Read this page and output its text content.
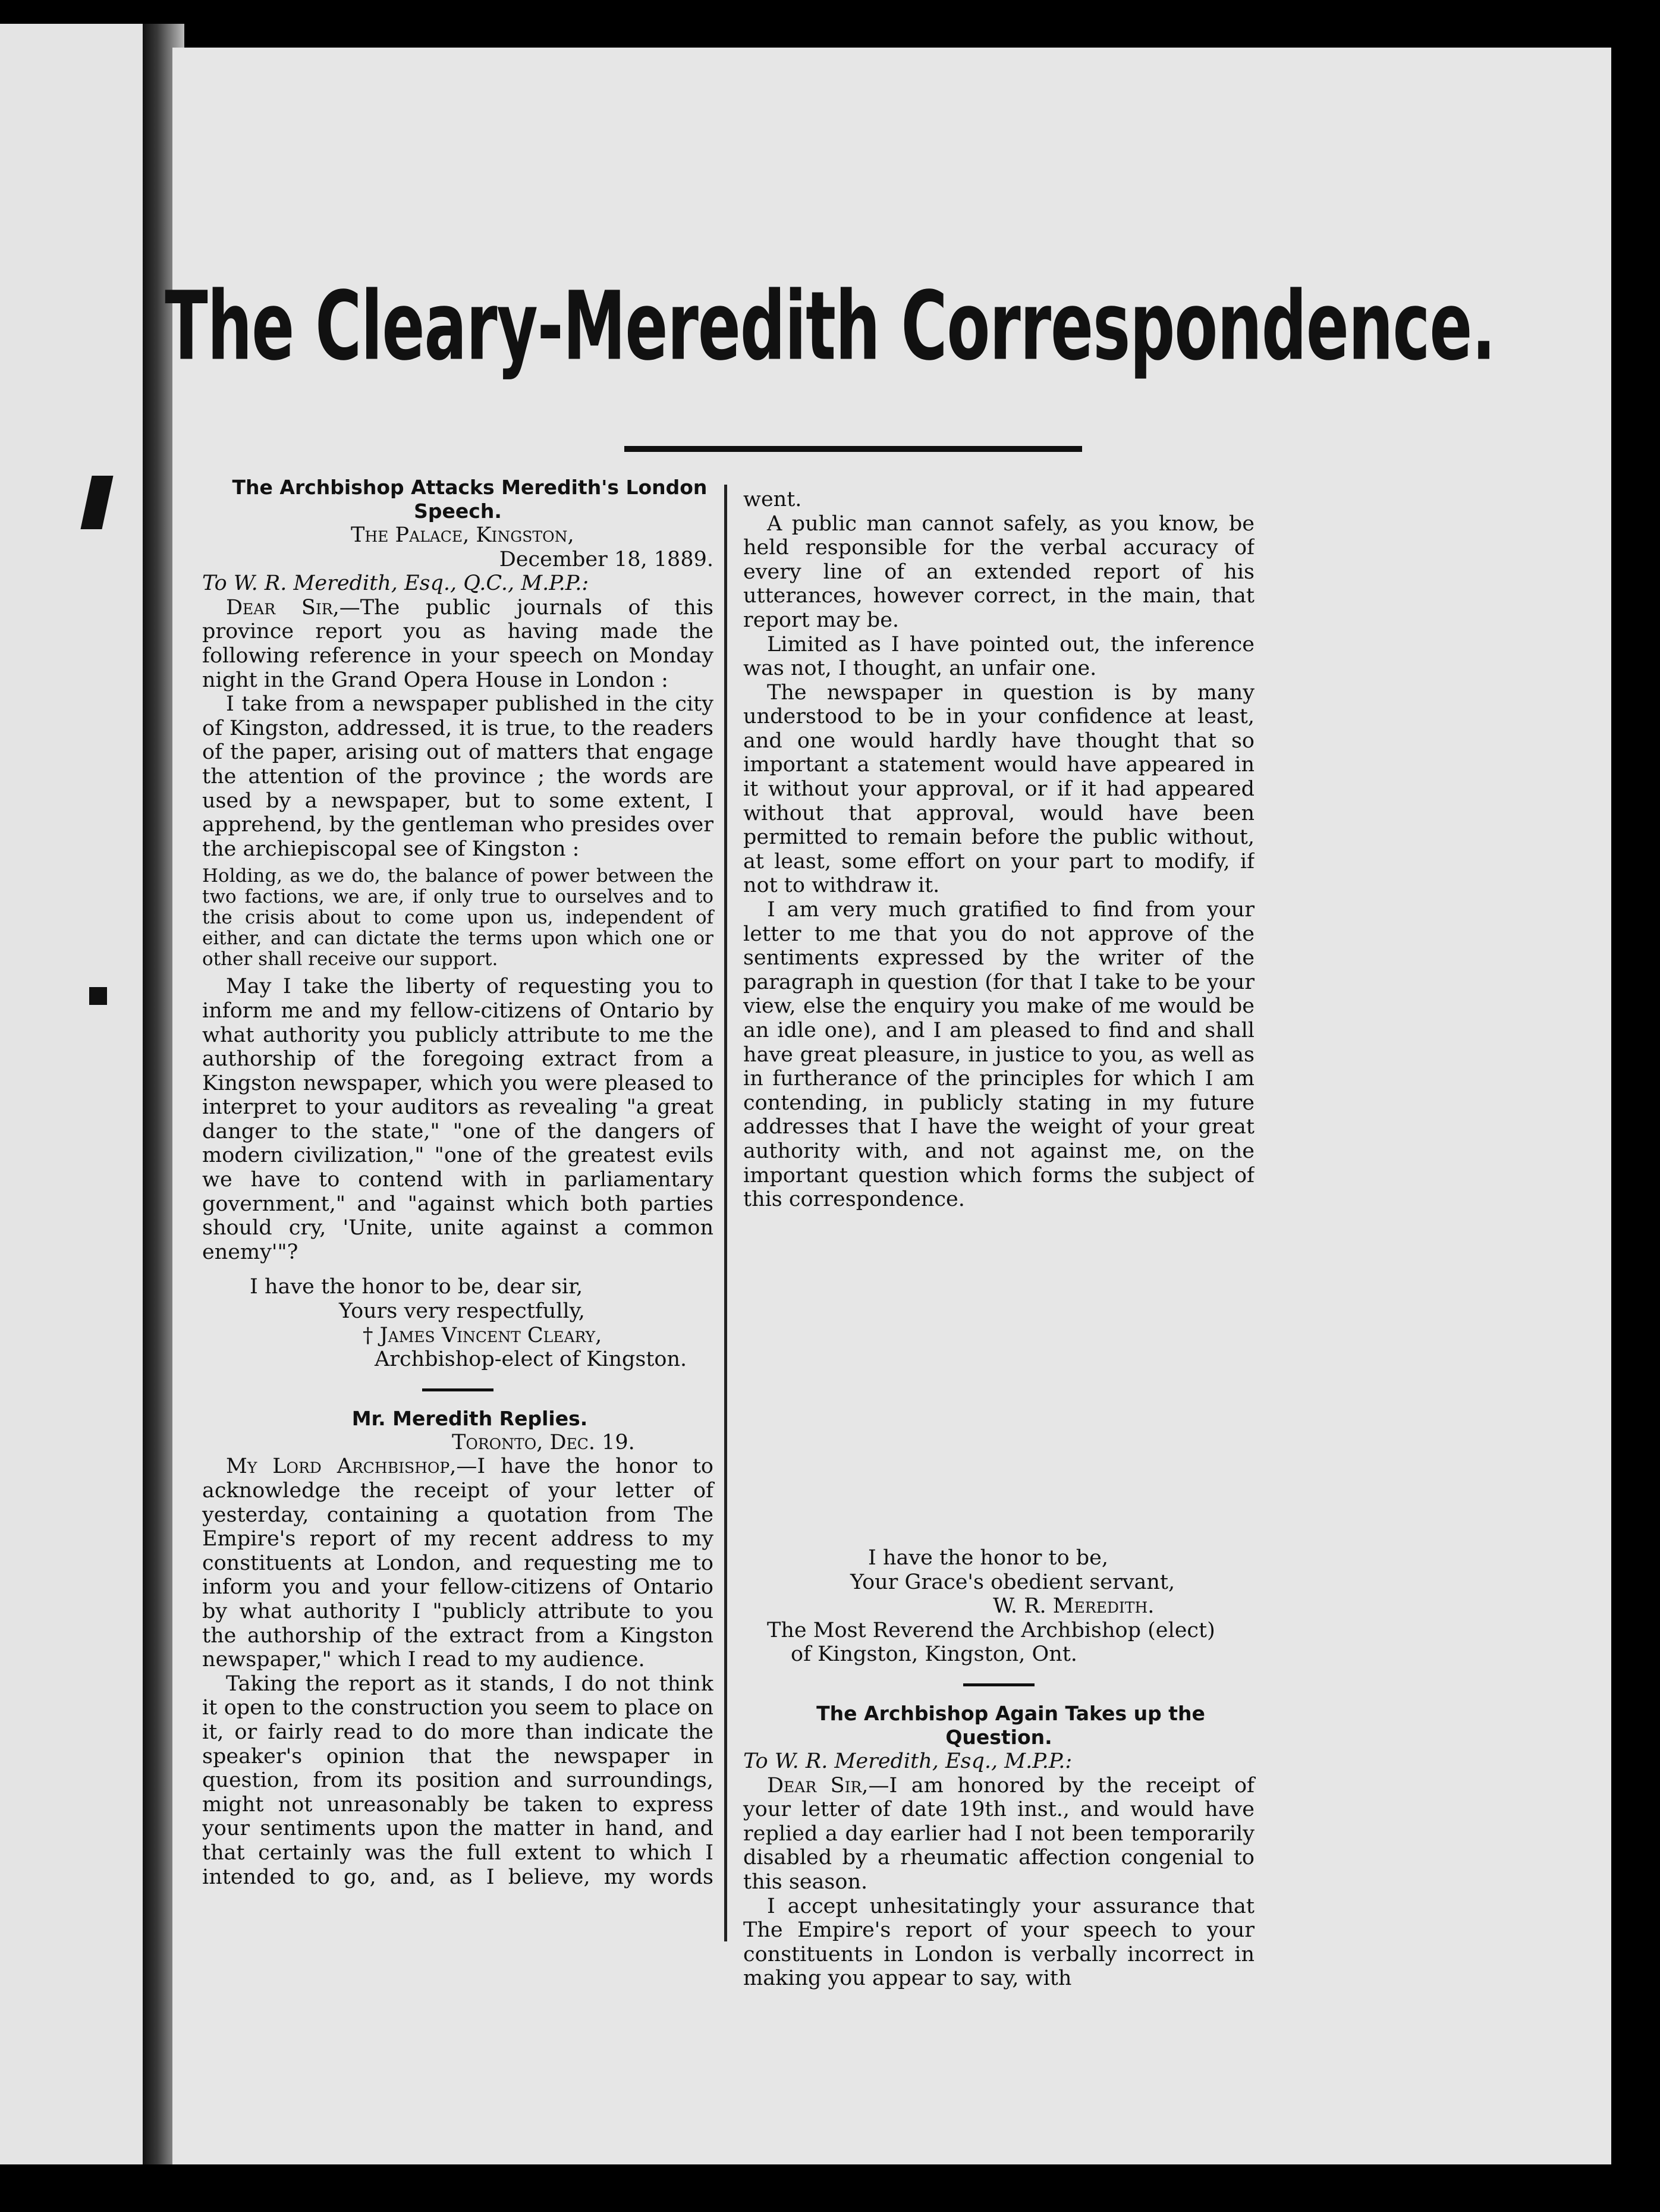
The Cleary-Meredith Correspondence.

The Archbishop Attacks Meredith's London Speech.

The Palace, Kingston,

December 18, 1889.

To W. R. Meredith, Esq., Q.C., M.P.P.:

Dear Sir,—The public journals of this province report you as having made the following reference in your speech on Monday night in the Grand Opera House in London :

I take from a newspaper published in the city of Kingston, addressed, it is true, to the readers of the paper, arising out of matters that engage the attention of the province ; the words are used by a newspaper, but to some extent, I apprehend, by the gentleman who presides over the archiepiscopal see of Kingston :

Holding, as we do, the balance of power between the two factions, we are, if only true to ourselves and to the crisis about to come upon us, independent of either, and can dictate the terms upon which one or other shall receive our support.

May I take the liberty of requesting you to inform me and my fellow-citizens of Ontario by what authority you publicly attribute to me the authorship of the foregoing extract from a Kingston newspaper, which you were pleased to interpret to your auditors as revealing "a great danger to the state," "one of the dangers of modern civilization," "one of the greatest evils we have to contend with in parliamentary government," and "against which both parties should cry, 'Unite, unite against a common enemy'"?

I have the honor to be, dear sir,

Yours very respectfully,

† James Vincent Cleary,

Archbishop-elect of Kingston.

Mr. Meredith Replies.

Toronto, Dec. 19.

My Lord Archbishop,—I have the honor to acknowledge the receipt of your letter of yesterday, containing a quotation from The Empire's report of my recent address to my constituents at London, and requesting me to inform you and your fellow-citizens of Ontario by what authority I "publicly attribute to you the authorship of the extract from a Kingston newspaper," which I read to my audience.

Taking the report as it stands, I do not think it open to the construction you seem to place on it, or fairly read to do more than indicate the speaker's opinion that the newspaper in question, from its position and surroundings, might not unreasonably be taken to express your sentiments upon the matter in hand, and that certainly was the full extent to which I intended to go, and, as I believe, my words

I have the honor to be,

Your Grace's obedient servant,

W. R. Meredith.

The Most Reverend the Archbishop (elect)

of Kingston, Kingston, Ont.

The Archbishop Again Takes up the Question.

To W. R. Meredith, Esq., M.P.P.:

Dear Sir,—I am honored by the receipt of your letter of date 19th inst., and would have replied a day earlier had I not been temporarily disabled by a rheumatic affection congenial to this season.

I accept unhesitatingly your assurance that The Empire's report of your speech to your constituents in London is verbally incorrect in making you appear to say, with

went.

A public man cannot safely, as you know, be held responsible for the verbal accuracy of every line of an extended report of his utterances, however correct, in the main, that report may be.

Limited as I have pointed out, the inference was not, I thought, an unfair one.

The newspaper in question is by many understood to be in your confidence at least, and one would hardly have thought that so important a statement would have appeared in it without your approval, or if it had appeared without that approval, would have been permitted to remain before the public without, at least, some effort on your part to modify, if not to withdraw it.

I am very much gratified to find from your letter to me that you do not approve of the sentiments expressed by the writer of the paragraph in question (for that I take to be your view, else the enquiry you make of me would be an idle one), and I am pleased to find and shall have great pleasure, in justice to you, as well as in furtherance of the principles for which I am contending, in publicly stating in my future addresses that I have the weight of your great authority with, and not against me, on the important question which forms the subject of this correspondence.
